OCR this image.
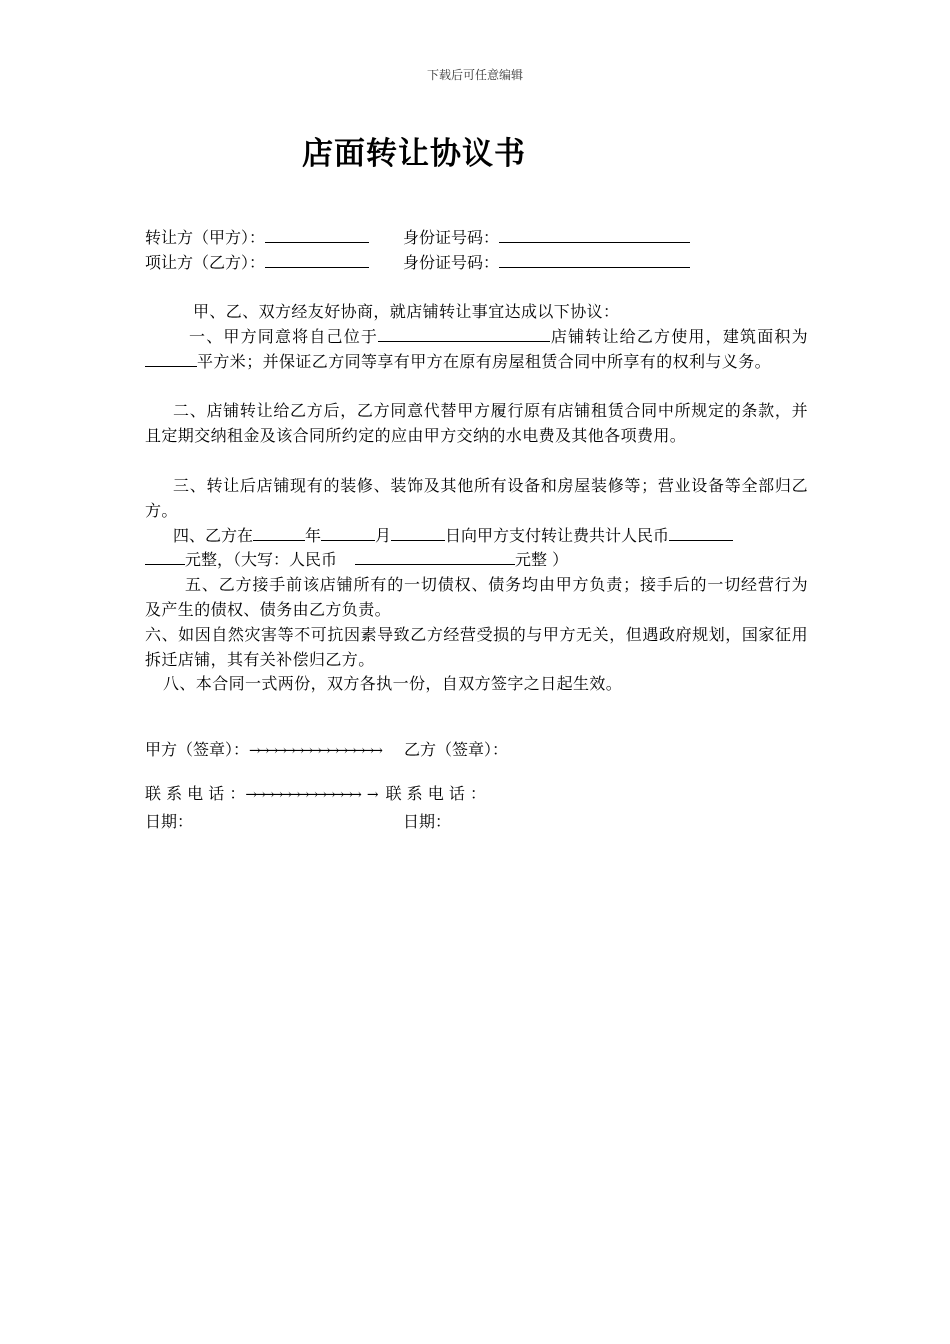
下载后可任意编辑
店面转让协议书
转让方（甲方）：	身份证号码：
项让方（乙方）：	身份证号码：
甲、乙、双方经友好协商，就店铺转让事宜达成以下协议：
一、甲方同意将自己位于	店铺转让给乙方使用，建筑面积为平方米；并保证乙方同等享有甲方在原有房屋租赁合同中所享有的权利与义务。
二、店铺转让给乙方后，乙方同意代替甲方履行原有店铺租赁合同中所规定的条款，并且定期交纳租金及该合同所约定的应由甲方交纳的水电费及其他各项费用。
三、转让后店铺现有的装修、装饰及其他所有设备和房屋装修等；营业设备等全部归乙方。
四、乙方在	年	月	日向甲方支付转让费共计人民币
元整，（大写：人民币	元整 ）
五、乙方接手前该店铺所有的一切债权、债务均由甲方负责；接手后的一切经营行为及产生的债权、债务由乙方负责。
六、如因自然灾害等不可抗因素导致乙方经营受损的与甲方无关，但遇政府规划，国家征用拆迁店铺，其有关补偿归乙方。
八、本合同一式两份，双方各执一份，自双方签字之日起生效。
甲方（签章）：→→→→→→→→→→→→→→→ 乙方（签章）：
联 系 电 话 ：→→→→→→→→→→→→→ → 联 系 电 话 ：
日期：	日期：
